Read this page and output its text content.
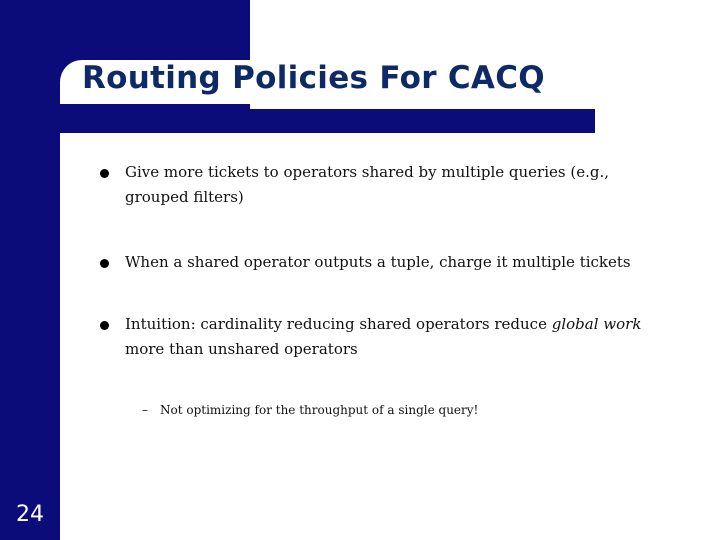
Routing Policies For CACQ
Give more tickets to operators shared by multiple queries (e.g., grouped filters)
When a shared operator outputs a tuple, charge it multiple tickets
Intuition: cardinality reducing shared operators reduce global work more than unshared operators
– Not optimizing for the throughput of a single query!
24
